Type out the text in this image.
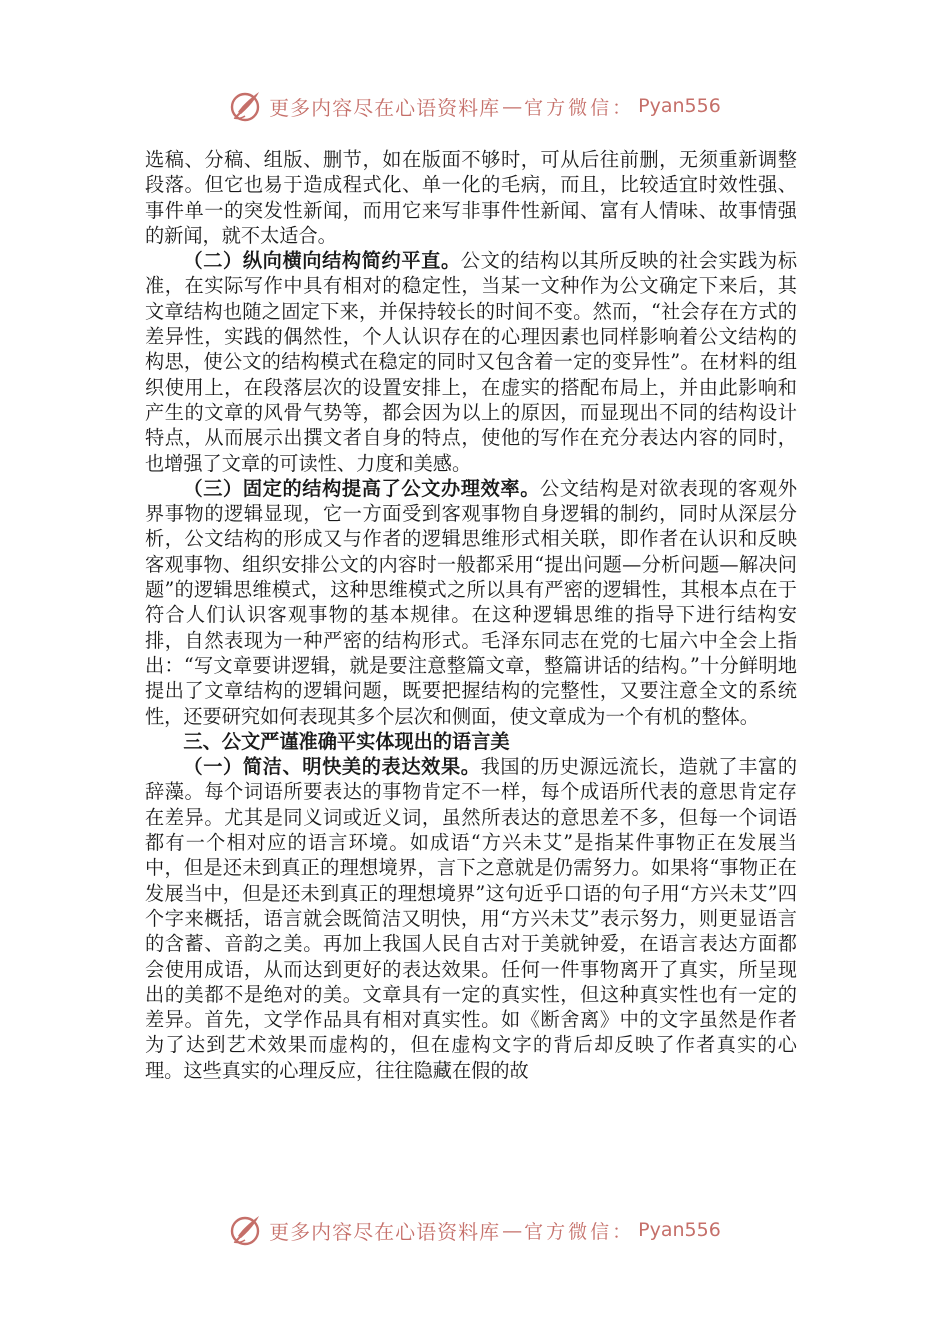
更多内容尽在心语资料库 — 官方微信： Pyan556

选稿、分稿、组版、删节，如在版面不够时，可从后往前删，无须重新调整段落。但它也易于造成程式化、单一化的毛病，而且，比较适宜时效性强、事件单一的突发性新闻，而用它来写非事件性新闻、富有人情味、故事情强的新闻，就不太适合。

（二）纵向横向结构简约平直。公文的结构以其所反映的社会实践为标准，在实际写作中具有相对的稳定性，当某一文种作为公文确定下来后，其文章结构也随之固定下来，并保持较长的时间不变。然而，“社会存在方式的差异性，实践的偶然性，个人认识存在的心理因素也同样影响着公文结构的构思，使公文的结构模式在稳定的同时又包含着一定的变异性”。在材料的组织使用上，在段落层次的设置安排上，在虚实的搭配布局上，并由此影响和产生的文章的风骨气势等，都会因为以上的原因，而显现出不同的结构设计特点，从而展示出撰文者自身的特点，使他的写作在充分表达内容的同时，也增强了文章的可读性、力度和美感。

（三）固定的结构提高了公文办理效率。公文结构是对欲表现的客观外界事物的逻辑显现，它一方面受到客观事物自身逻辑的制约，同时从深层分析，公文结构的形成又与作者的逻辑思维形式相关联，即作者在认识和反映客观事物、组织安排公文的内容时一般都采用“提出问题—分析问题—解决问题”的逻辑思维模式，这种思维模式之所以具有严密的逻辑性，其根本点在于符合人们认识客观事物的基本规律。在这种逻辑思维的指导下进行结构安排，自然表现为一种严密的结构形式。毛泽东同志在党的七届六中全会上指出：“写文章要讲逻辑，就是要注意整篇文章，整篇讲话的结构。”十分鲜明地提出了文章结构的逻辑问题，既要把握结构的完整性，又要注意全文的系统性，还要研究如何表现其多个层次和侧面，使文章成为一个有机的整体。

三、公文严谨准确平实体现出的语言美

（一）简洁、明快美的表达效果。我国的历史源远流长，造就了丰富的辞藻。每个词语所要表达的事物肯定不一样，每个成语所代表的意思肯定存在差异。尤其是同义词或近义词，虽然所表达的意思差不多，但每一个词语都有一个相对应的语言环境。如成语“方兴未艾”是指某件事物正在发展当中，但是还未到真正的理想境界，言下之意就是仍需努力。如果将“事物正在发展当中，但是还未到真正的理想境界”这句近乎口语的句子用“方兴未艾”四个字来概括，语言就会既简洁又明快，用“方兴未艾”表示努力，则更显语言的含蓄、音韵之美。再加上我国人民自古对于美就钟爱，在语言表达方面都会使用成语，从而达到更好的表达效果。任何一件事物离开了真实，所呈现出的美都不是绝对的美。文章具有一定的真实性，但这种真实性也有一定的差异。首先，文学作品具有相对真实性。如《断舍离》中的文字虽然是作者为了达到艺术效果而虚构的，但在虚构文字的背后却反映了作者真实的心理。这些真实的心理反应，往往隐藏在假的故

更多内容尽在心语资料库 — 官方微信： Pyan556
